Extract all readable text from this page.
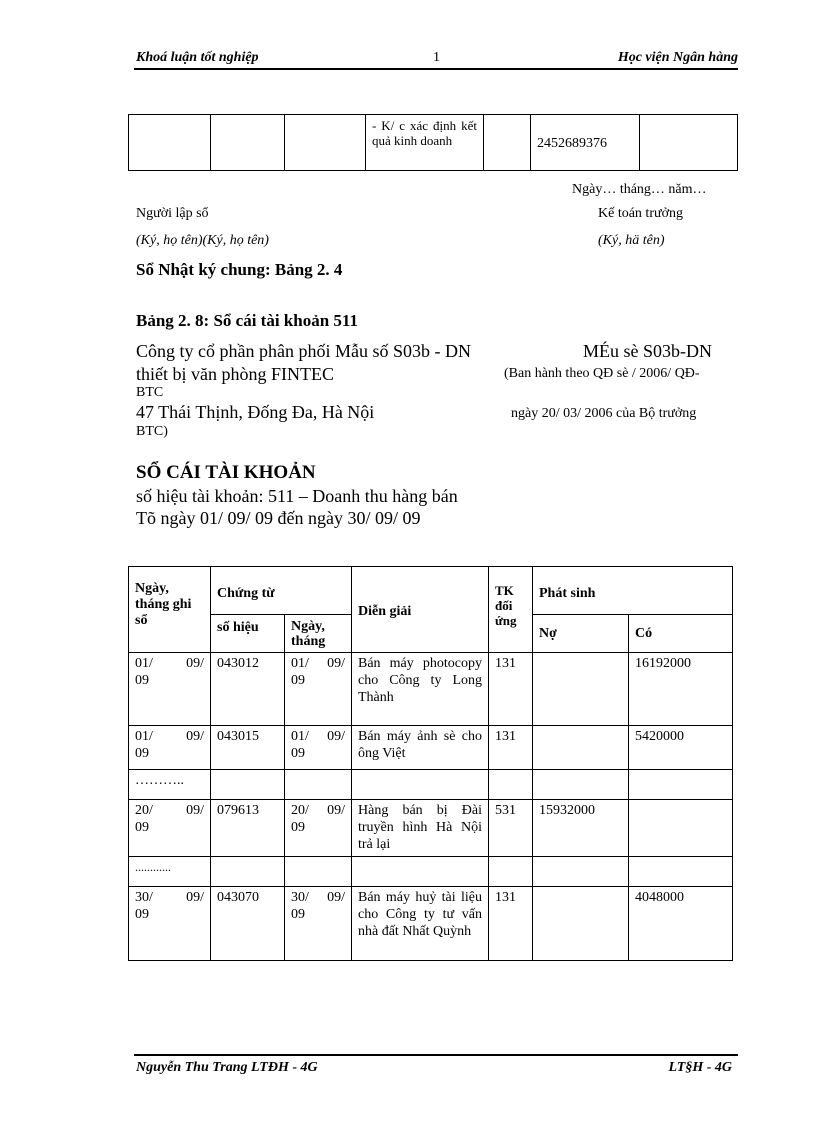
Khoá luận tốt nghiệp	1	Học viện Ngân hàng

- K/ c xác định kết quả kinh doanh		2452689376

Ngày… tháng… năm…
Người lập sổ	Kế toán trưởng
(Ký, họ tên)(Ký, họ tên)	(Ký, hä tên)
Sổ Nhật ký chung: Bảng 2. 4
Bảng 2. 8: Sổ cái tài khoản 511
Công ty cổ phần phân phối Mẫu số S03b - DN
thiết bị văn phòng FINTEC
BTC
47 Thái Thịnh, Đống Đa, Hà Nội
BTC)
MÉu sè S03b-DN
(Ban hành theo QĐ sè / 2006/ QĐ-
ngày 20/ 03/ 2006 của Bộ trưởng
SỔ CÁI TÀI KHOẢN
số hiệu tài khoản: 511 – Doanh thu hàng bán
Tõ ngày 01/ 09/ 09 đến ngày 30/ 09/ 09
Ngày, tháng ghi sổ	Chứng từ		Diễn giải	TK đối ứng	Phát sinh	

	số hiệu	Ngày, tháng			Nợ	Có

01/ 09/
09	043012	01/ 09/
09	Bán máy photocopy cho Công ty Long Thành	131		16192000

01/ 09/
09	043015	01/ 09/
09	Bán máy ảnh sè cho ông Việt	131		5420000

………..						

20/ 09/
09	079613	20/ 09/
09	Hàng bán bị Đài truyền hình Hà Nội trả lại	531	15932000	

............						

30/ 09/
09	043070	30/ 09/
09	Bán máy huỷ tài liệu cho Công ty tư vấn nhà đất Nhất Quỳnh	131		4048000
Nguyễn Thu Trang LTĐH - 4G	LT§H - 4G
